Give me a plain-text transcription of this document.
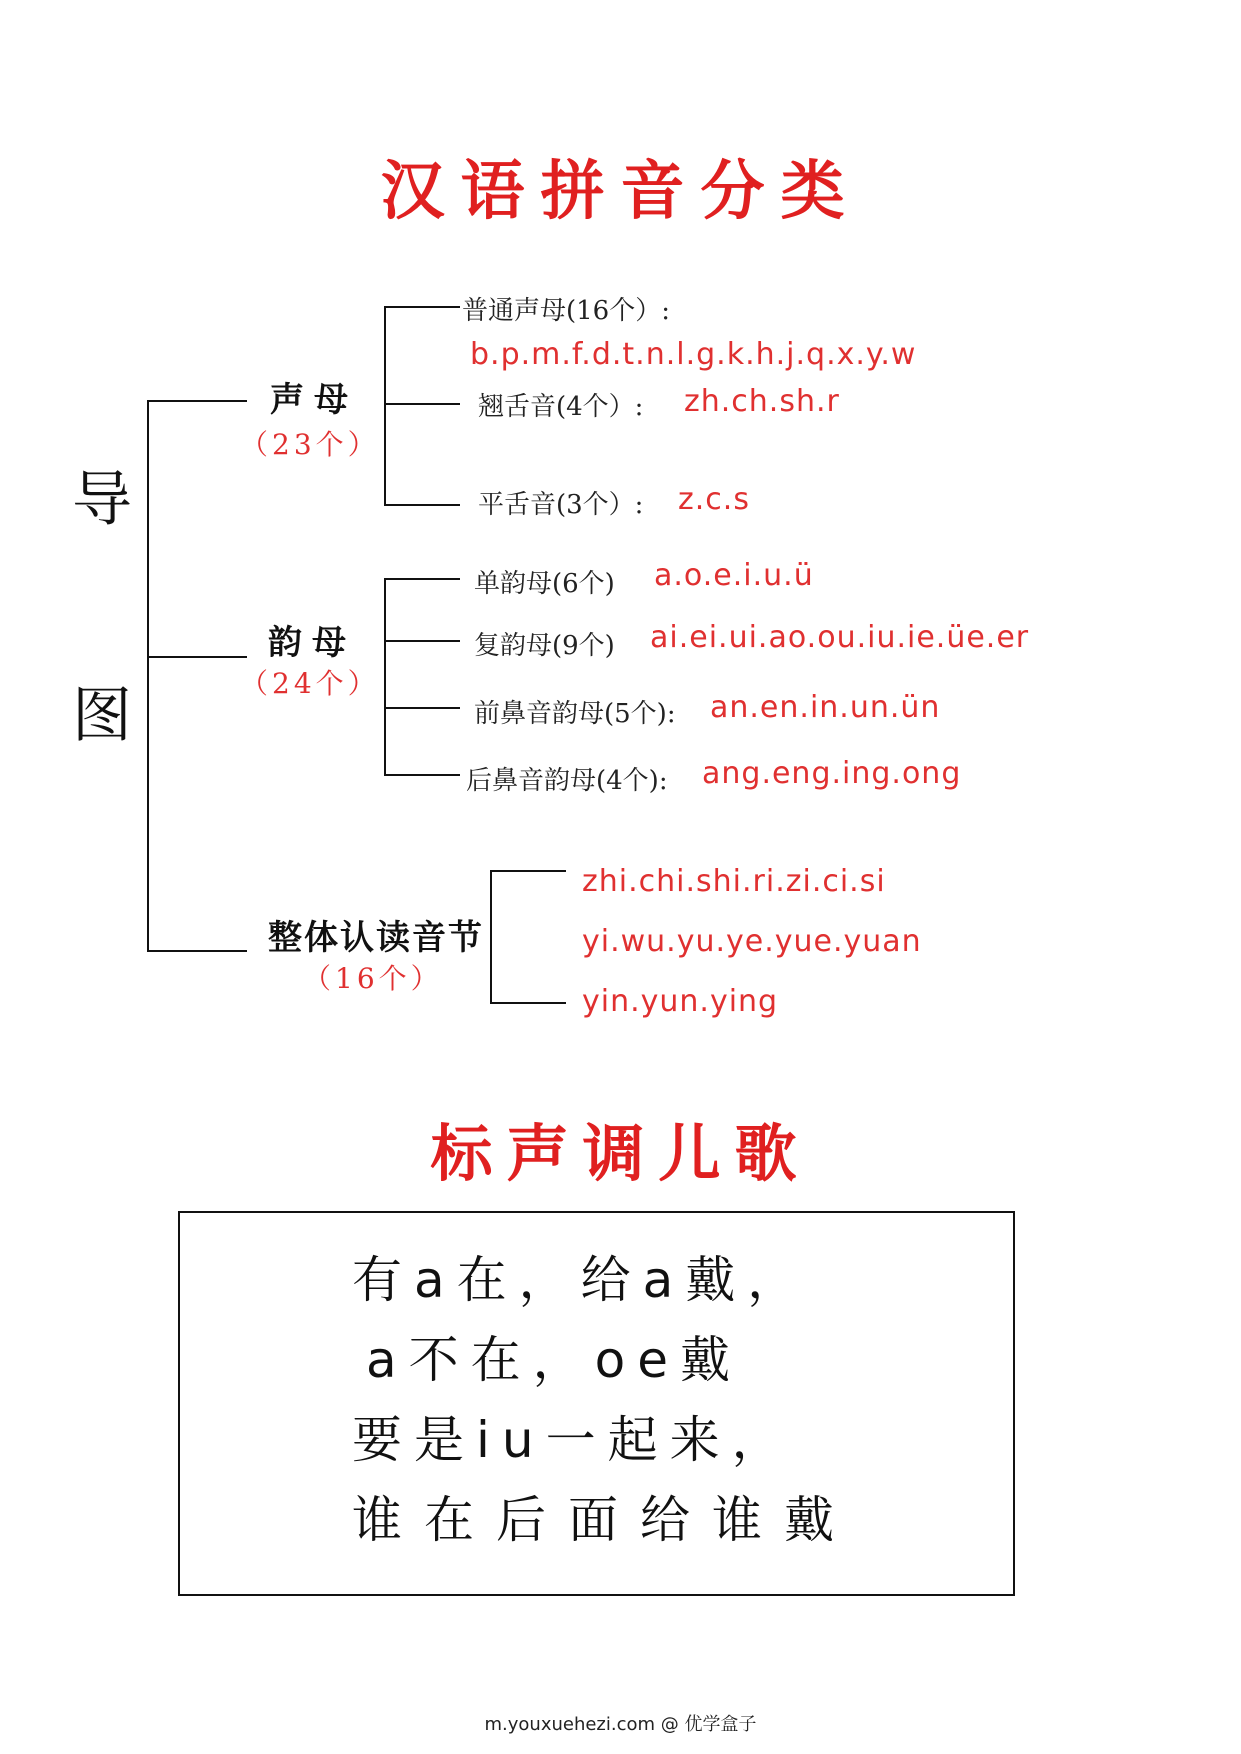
汉语拼音分类
导
图
声母
（23个）
普通声母(16个）:
b.p.m.f.d.t.n.l.g.k.h.j.q.x.y.w
翘舌音(4个）: zh.ch.sh.r
平舌音(3个）: z.c.s
韵母
（24个）
单韵母(6个) a.o.e.i.u.ü
复韵母(9个) ai.ei.ui.ao.ou.iu.ie.üe.er
前鼻音韵母(5个): an.en.in.un.ün
后鼻音韵母(4个): ang.eng.ing.ong
整体认读音节
（16个）
zhi.chi.shi.ri.zi.ci.si
yi.wu.yu.ye.yue.yuan
yin.yun.ying
标声调儿歌
有a在，给a戴，
a不在，oe戴
要是iu一起来，
谁在后面给谁戴
m.youxuehezi.com @ 优学盒子
